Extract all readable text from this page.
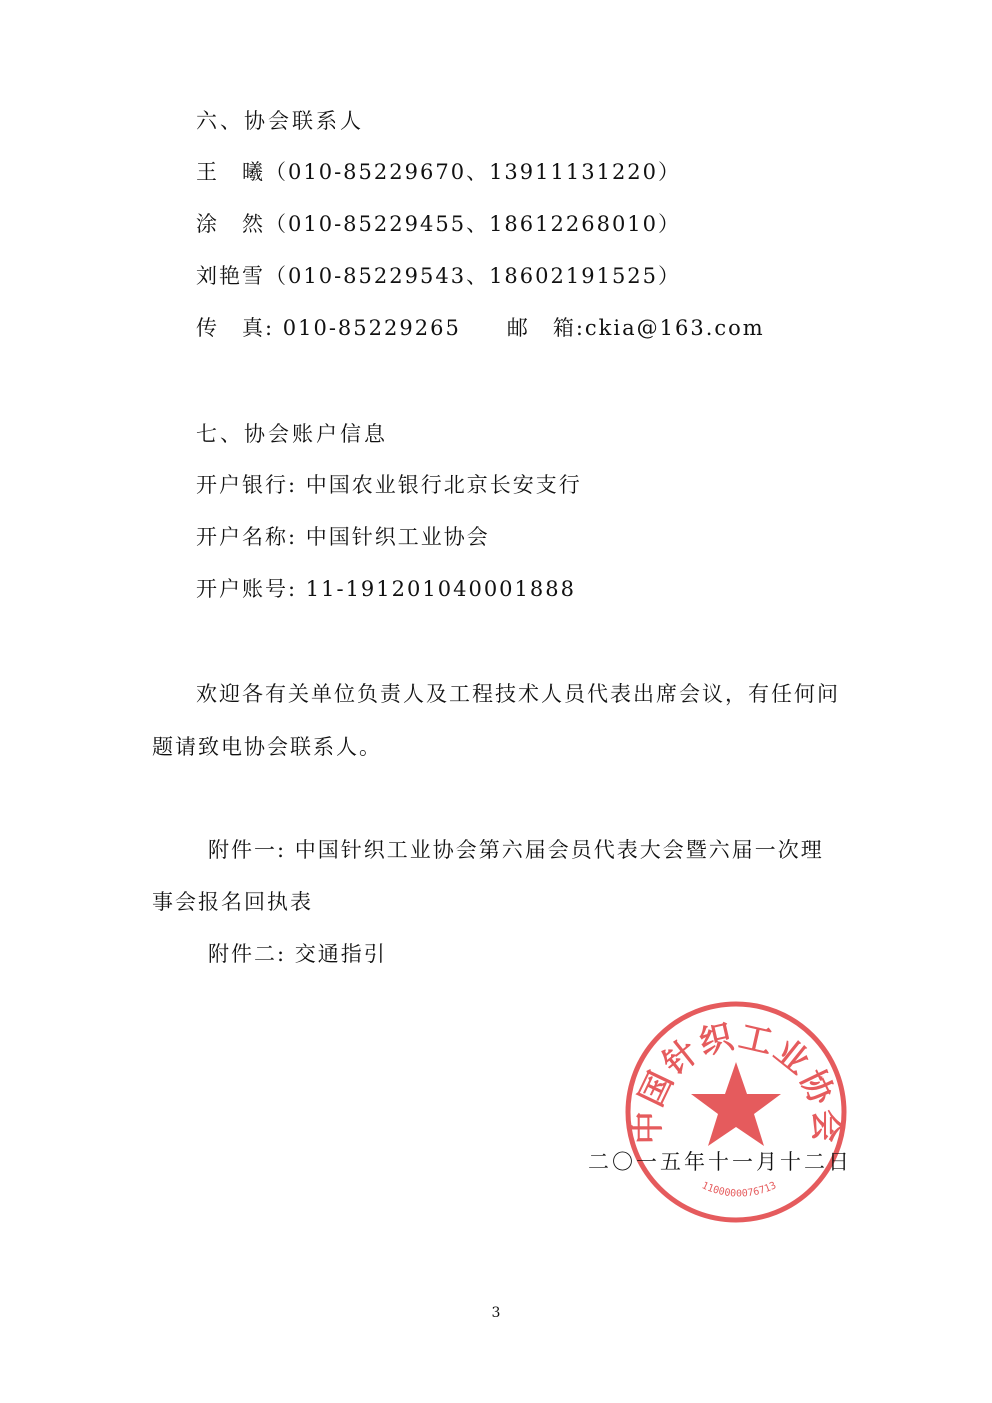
六、协会联系人
王　曦（010-85229670、13911131220）
涂　然（010-85229455、18612268010）
刘艳雪（010-85229543、18602191525）
传　真: 010-85229265 邮　箱:ckia@163.com
七、协会账户信息
开户银行: 中国农业银行北京长安支行
开户名称: 中国针织工业协会
开户账号: 11-191201040001888
欢迎各有关单位负责人及工程技术人员代表出席会议，有任何问
题请致电协会联系人。
附件一: 中国针织工业协会第六届会员代表大会暨六届一次理
事会报名回执表
附件二: 交通指引
中国针织工业协会
1100000076713
二〇一五年十一月十二日
3
